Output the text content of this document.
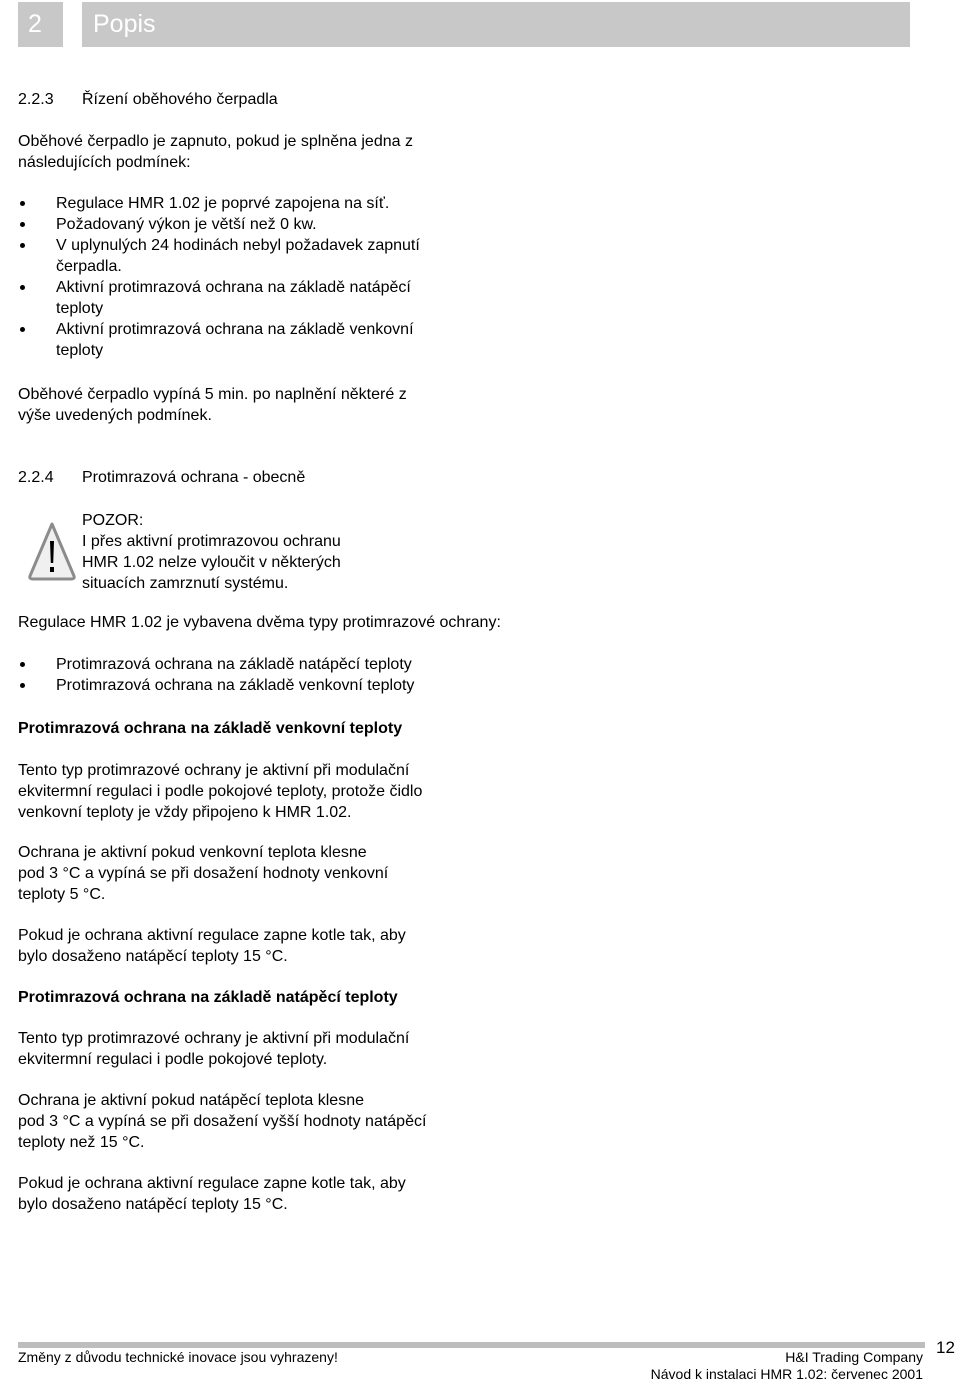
2	Popis
2.2.3 Řízení oběhového čerpadla
Oběhové čerpadlo je zapnuto, pokud je splněna jedna z
následujících podmínek:
Regulace HMR 1.02 je poprvé zapojena na síť.
Požadovaný výkon je větší než 0 kw.
V uplynulých 24 hodinách nebyl požadavek zapnutí
čerpadla.
Aktivní protimrazová ochrana na základě natápěcí
teploty
Aktivní protimrazová ochrana na základě venkovní
teploty
Oběhové čerpadlo vypíná 5 min. po naplnění některé z
výše uvedených podmínek.
2.2.4 Protimrazová ochrana - obecně
POZOR:
I přes aktivní protimrazovou ochranu
HMR 1.02 nelze vyloučit v některých
situacích zamrznutí systému.
Regulace HMR 1.02 je vybavena dvěma typy protimrazové ochrany:
Protimrazová ochrana na základě natápěcí teploty
Protimrazová ochrana na základě venkovní teploty
Protimrazová ochrana na základě venkovní teploty
Tento typ protimrazové ochrany je aktivní při modulační
ekvitermní regulaci i podle pokojové teploty, protože čidlo
venkovní teploty je vždy připojeno k HMR 1.02.
Ochrana je aktivní pokud venkovní teplota klesne
pod 3 °C a vypíná se při dosažení hodnoty venkovní
teploty 5 °C.
Pokud je ochrana aktivní regulace zapne kotle tak, aby
bylo dosaženo natápěcí teploty 15 °C.
Protimrazová ochrana na základě natápěcí teploty
Tento typ protimrazové ochrany je aktivní při modulační
ekvitermní regulaci i podle pokojové teploty.
Ochrana je aktivní pokud natápěcí teplota klesne
pod 3 °C a vypíná se při dosažení vyšší hodnoty natápěcí
teploty než 15 °C.
Pokud je ochrana aktivní regulace zapne kotle tak, aby
bylo dosaženo natápěcí teploty 15 °C.
Změny z důvodu technické inovace jsou vyhrazeny!	H&I Trading Company
Návod k instalaci HMR 1.02: červenec 2001
12
